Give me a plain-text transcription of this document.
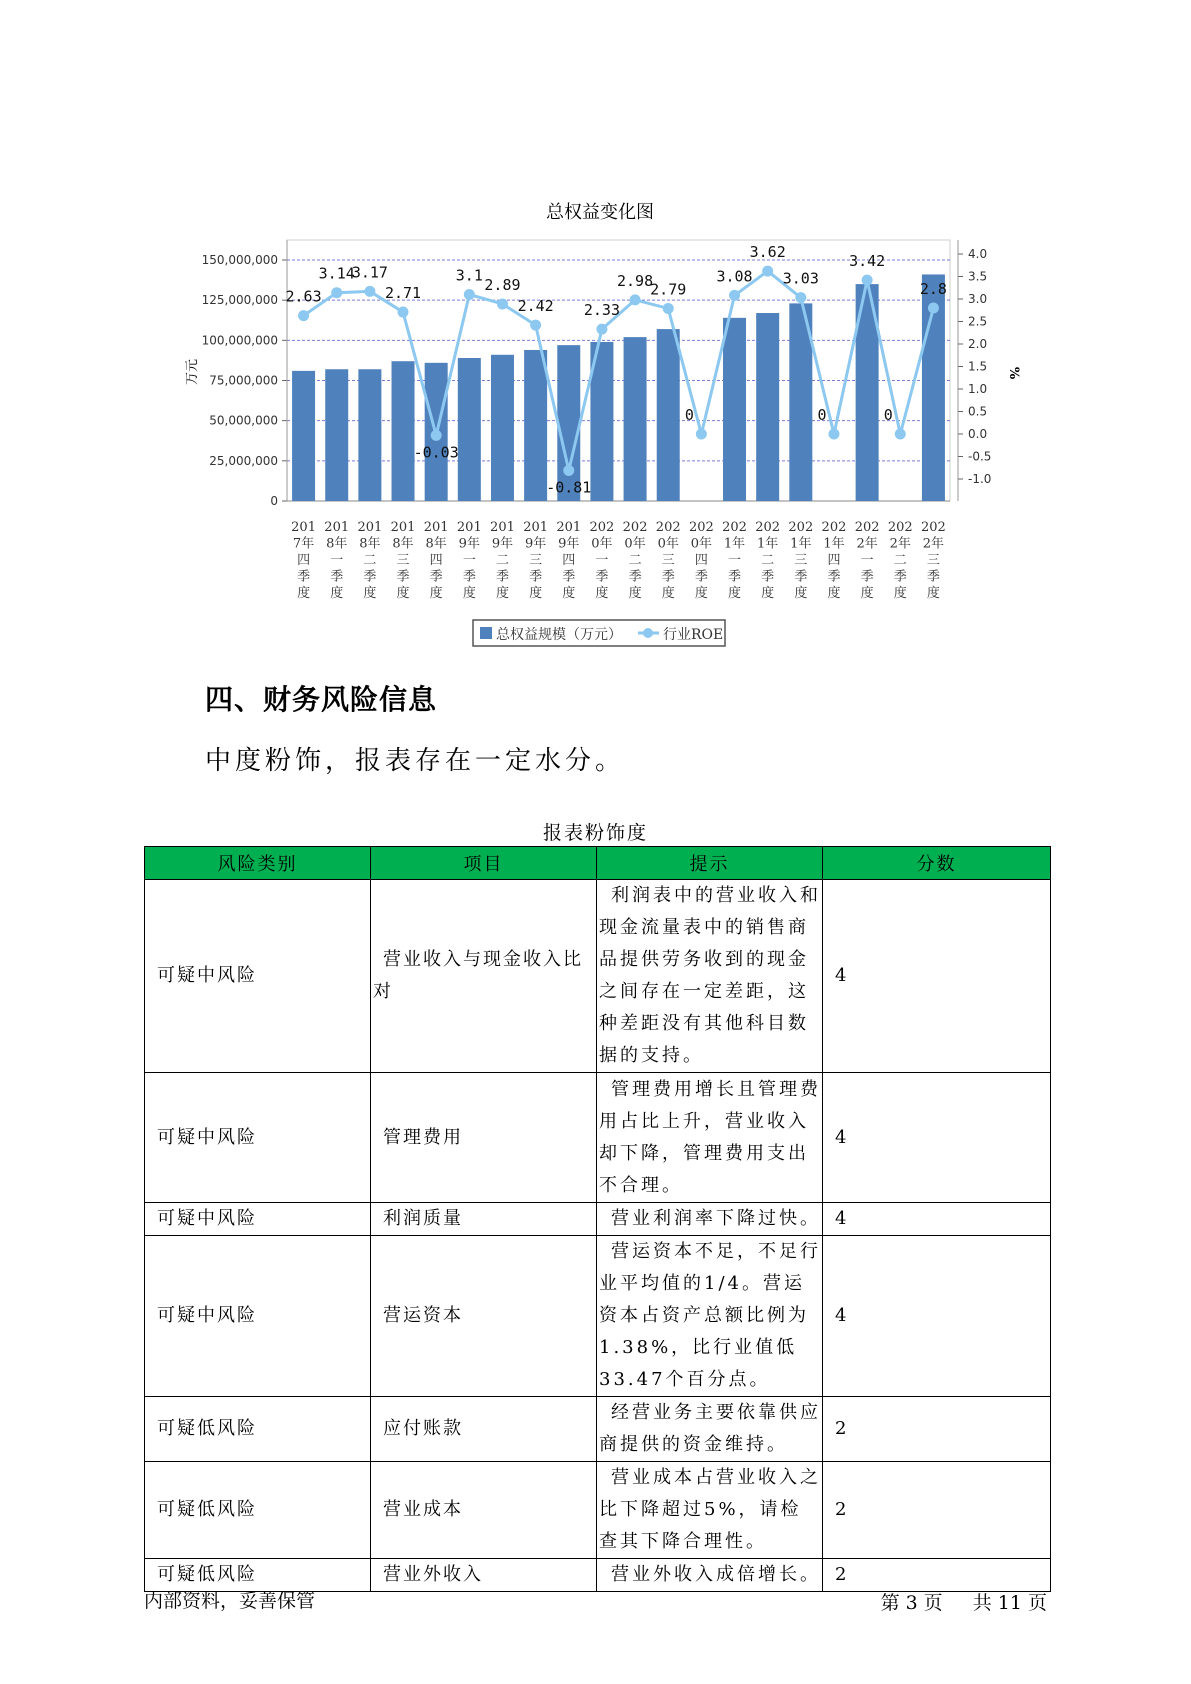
总权益变化图
150,000,000
125,000,000
100,000,000
75,000,000
50,000,000
25,000,000
0
4.0
3.5
3.0
2.5
2.0
1.5
1.0
0.5
0.0
-0.5
-1.0
万元	%
201
7年
四
季
度
201
8年
一
季
度
201
8年
二
季
度
201
8年
三
季
度
201
8年
四
季
度
201
9年
一
季
度
201
9年
二
季
度
201
9年
三
季
度
201
9年
四
季
度
202
0年
一
季
度
202
0年
二
季
度
202
0年
三
季
度
202
0年
四
季
度
202
1年
一
季
度
202
1年
二
季
度
202
1年
三
季
度
202
1年
四
季
度
202
2年
一
季
度
202
2年
二
季
度
202
2年
三
季
度
2.63
3.14
3.17
2.71
-0.03
3.1
2.89
2.42
-0.81
2.33
2.98
2.79
0
3.08
3.62
3.03
0
3.42
0
2.8
总权益规模（万元）	行业ROE
四、财务风险信息

中度粉饰，报表存在一定水分。

报表粉饰度
风险类别	项目	提示	分数
可疑中风险	营业收入与现金收入比对	利润表中的营业收入和现金流量表中的销售商品提供劳务收到的现金之间存在一定差距，这种差距没有其他科目数据的支持。	4
可疑中风险	管理费用	管理费用增长且管理费用占比上升，营业收入却下降，管理费用支出不合理。	4
可疑中风险	利润质量	营业利润率下降过快。	4
可疑中风险	营运资本	营运资本不足，不足行业平均值的1/4。营运资本占资产总额比例为1.38%，比行业值低33.47个百分点。	4
可疑低风险	应付账款	经营业务主要依靠供应商提供的资金维持。	2
可疑低风险	营业成本	营业成本占营业收入之比下降超过5%，请检查其下降合理性。	2
可疑低风险	营业外收入	营业外收入成倍增长。	2
内部资料，妥善保管	第 3 页 共 11 页
